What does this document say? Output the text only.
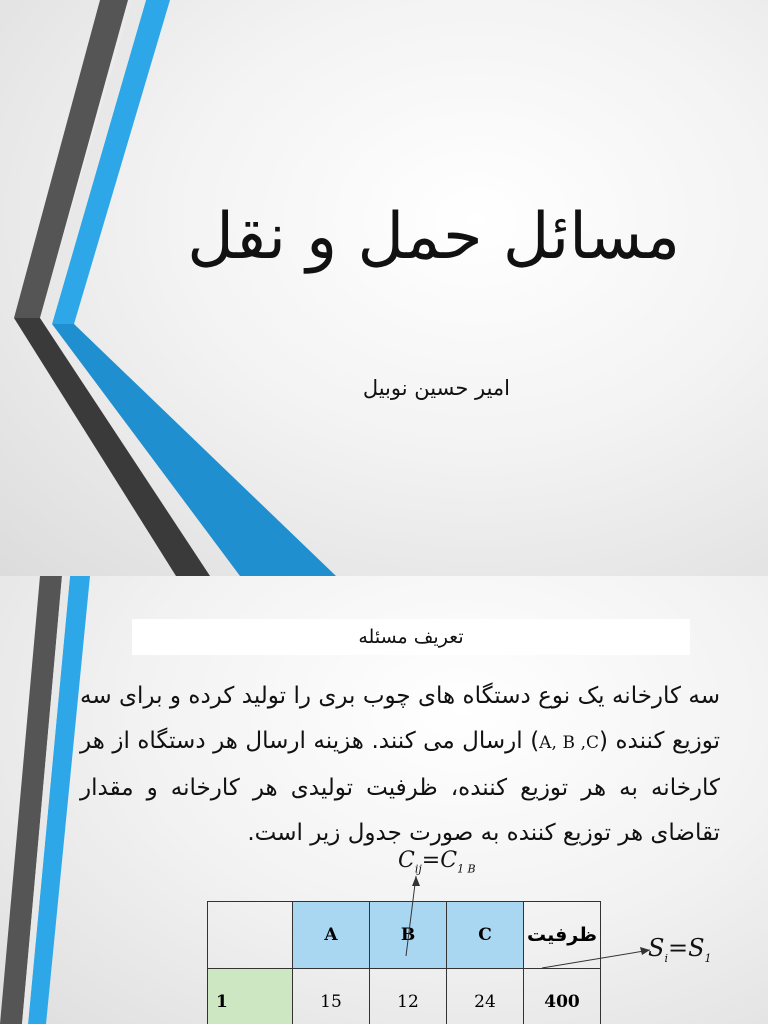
مسائل حمل و نقل
امیر حسین نوبیل
تعریف مسئله
سه کارخانه یک نوع دستگاه های چوب بری را تولید کرده و برای سه توزیع کننده (A, B ,C) ارسال می کنند. هزینه ارسال هر دستگاه از هر کارخانه به هر توزیع کننده، ظرفیت تولیدی هر کارخانه و مقدار تقاضای هر توزیع کننده به صورت جدول زیر است.
$C_{ij}=C_{1 B}$
	A	B	C	ظرفیت
1	15	12	24	400

$S_i=S_1$
